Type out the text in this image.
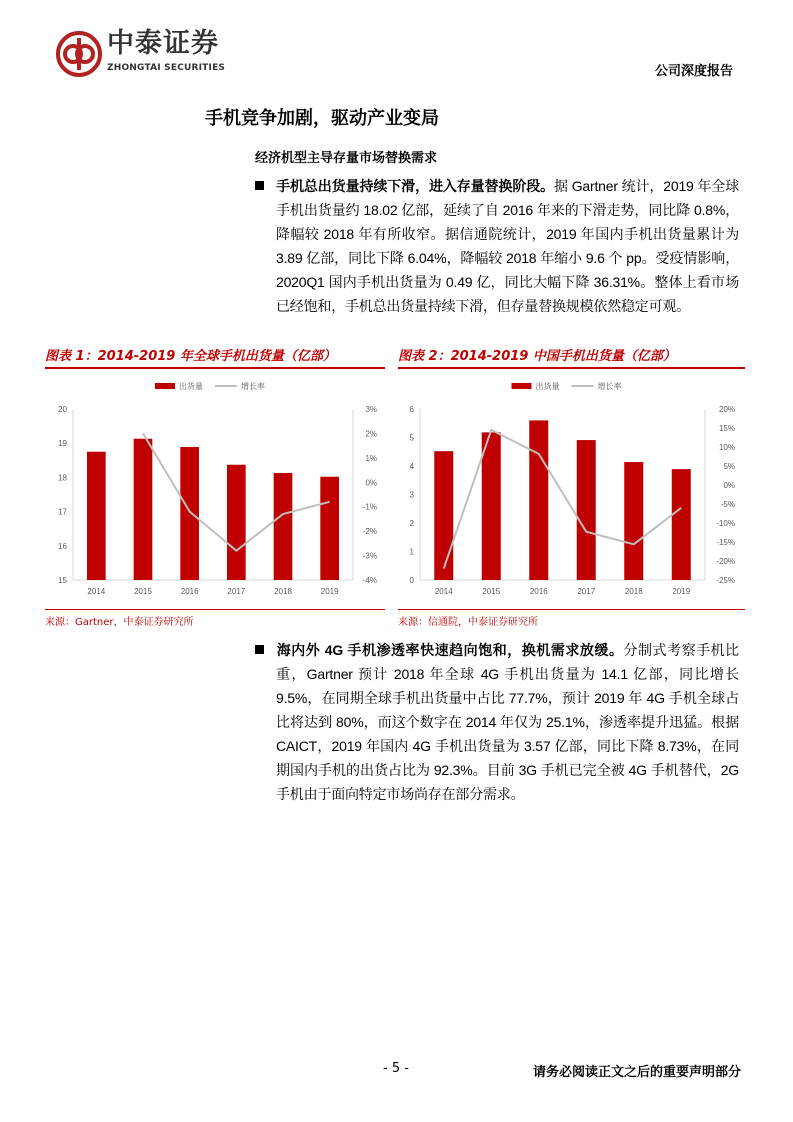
中泰证券
ZHONGTAI SECURITIES	公司深度报告
手机竞争加剧，驱动产业变局
经济机型主导存量市场替换需求
手机总出货量持续下滑，进入存量替换阶段。据 Gartner 统计，2019 年全球手机出货量约 18.02 亿部，延续了自 2016 年来的下滑走势，同比降 0.8%，降幅较 2018 年有所收窄。据信通院统计，2019 年国内手机出货量累计为 3.89 亿部，同比下降 6.04%，降幅较 2018 年缩小 9.6 个 pp。受疫情影响，2020Q1 国内手机出货量为 0.49 亿，同比大幅下降 36.31%。整体上看市场已经饱和，手机总出货量持续下滑，但存量替换规模依然稳定可观。
图表 1：2014-2019 年全球手机出货量（亿部）
出货量	增长率
15
16
17
18
19
20
-4%
-3%
-2%
-1%
0%
1%
2%
3%
2014	2015	2016	2017	2018	2019
来源：Gartner，中泰证券研究所
图表 2：2014-2019 中国手机出货量（亿部）
出货量	增长率
0
1
2
3
4
5
6
-25%
-20%
-15%
-10%
-5%
0%
5%
10%
15%
20%
2014	2015	2016	2017	2018	2019
来源：信通院，中泰证券研究所
海内外 4G 手机渗透率快速趋向饱和，换机需求放缓。分制式考察手机比重，Gartner 预计 2018 年全球 4G 手机出货量为 14.1 亿部，同比增长 9.5%，在同期全球手机出货量中占比 77.7%，预计 2019 年 4G 手机全球占比将达到 80%，而这个数字在 2014 年仅为 25.1%，渗透率提升迅猛。根据 CAICT，2019 年国内 4G 手机出货量为 3.57 亿部，同比下降 8.73%，在同期国内手机的出货占比为 92.3%。目前 3G 手机已完全被 4G 手机替代，2G 手机由于面向特定市场尚存在部分需求。
- 5 -	请务必阅读正文之后的重要声明部分
